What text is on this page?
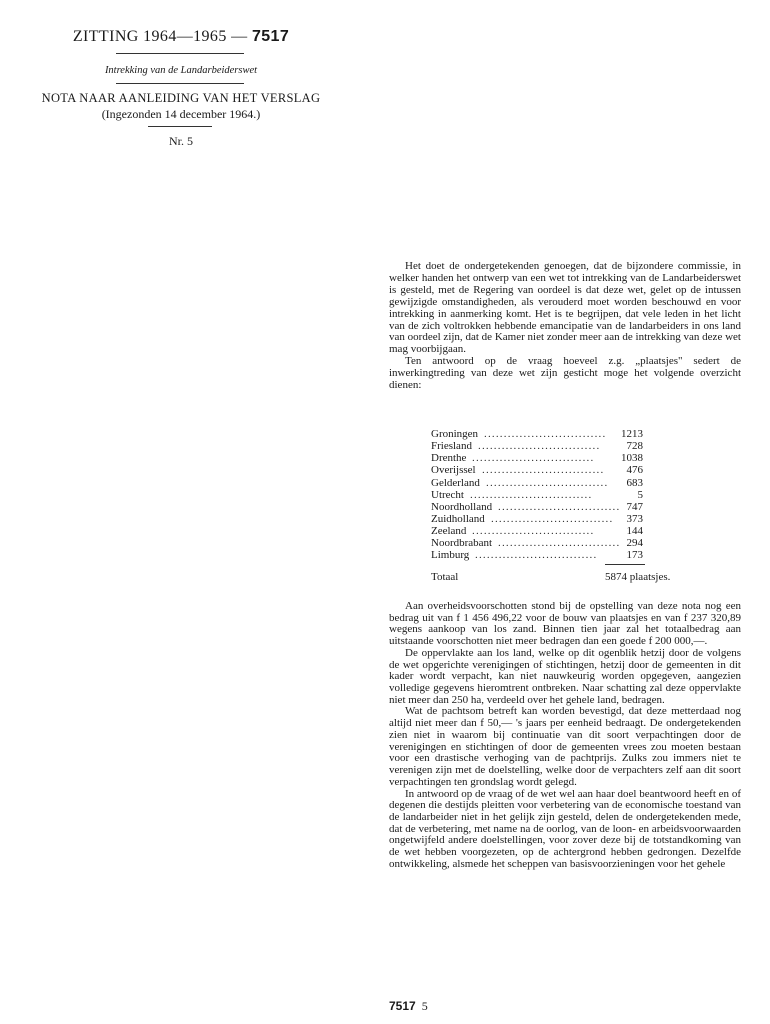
ZITTING 1964—1965 — 7517
Intrekking van de Landarbeiderswet
NOTA NAAR AANLEIDING VAN HET VERSLAG
(Ingezonden 14 december 1964.)
Nr. 5

Het doet de ondergetekenden genoegen, dat de bijzondere commissie, in welker handen het ontwerp van een wet tot intrekking van de Landarbeiderswet is gesteld, met de Regering van oordeel is dat deze wet, gelet op de intussen gewijzigde omstandigheden, als verouderd moet worden beschouwd en voor intrekking in aanmerking komt. Het is te begrijpen, dat vele leden in het licht van de zich voltrokken hebbende emancipatie van de landarbeiders in ons land van oordeel zijn, dat de Kamer niet zonder meer aan de intrekking van deze wet mag voorbijgaan.

Ten antwoord op de vraag hoeveel z.g. „plaatsjes" sedert de inwerkingtreding van deze wet zijn gesticht moge het volgende overzicht dienen:

Groningen ...............................	1213
Friesland ...............................	728
Drenthe ...............................	1038
Overijssel ...............................	476
Gelderland ...............................	683
Utrecht ...............................	5
Noordholland ............................... 747
Zuidholland ...............................	373
Zeeland ...............................	144
Noordbrabant ............................... 294
Limburg ...............................	173
Totaal	5874 plaatsjes.

Aan overheidsvoorschotten stond bij de opstelling van deze nota nog een bedrag uit van f 1 456 496,22 voor de bouw van plaatsjes en van f 237 320,89 wegens aankoop van los zand. Binnen tien jaar zal het totaalbedrag aan uitstaande voorschotten niet meer bedragen dan een goede f 200 000,—.

De oppervlakte aan los land, welke op dit ogenblik hetzij door de volgens de wet opgerichte verenigingen of stichtingen, hetzij door de gemeenten in dit kader wordt verpacht, kan niet nauwkeurig worden opgegeven, aangezien volledige gegevens hieromtrent ontbreken. Naar schatting zal deze oppervlakte niet meer dan 250 ha, verdeeld over het gehele land, bedragen.

Wat de pachtsom betreft kan worden bevestigd, dat deze metterdaad nog altijd niet meer dan f 50,— 's jaars per eenheid bedraagt. De ondergetekenden zien niet in waarom bij continuatie van dit soort verpachtingen door de verenigingen en stichtingen of door de gemeenten vrees zou moeten bestaan voor een drastische verhoging van de pachtprijs. Zulks zou immers niet te verenigen zijn met de doelstelling, welke door de verpachters zelf aan dit soort verpachtingen ten grondslag wordt gelegd.

In antwoord op de vraag of de wet wel aan haar doel beantwoord heeft en of degenen die destijds pleitten voor verbetering van de economische toestand van de landarbeider niet in het gelijk zijn gesteld, delen de ondergetekenden mede, dat de verbetering, met name na de oorlog, van de loon- en arbeidsvoorwaarden ongetwijfeld andere doelstellingen, voor zover deze bij de totstandkoming van de wet hebben voorgezeten, op de achtergrond hebben gedrongen. Dezelfde ontwikkeling, alsmede het scheppen van basisvoorzieningen voor het gehele

7517 5
